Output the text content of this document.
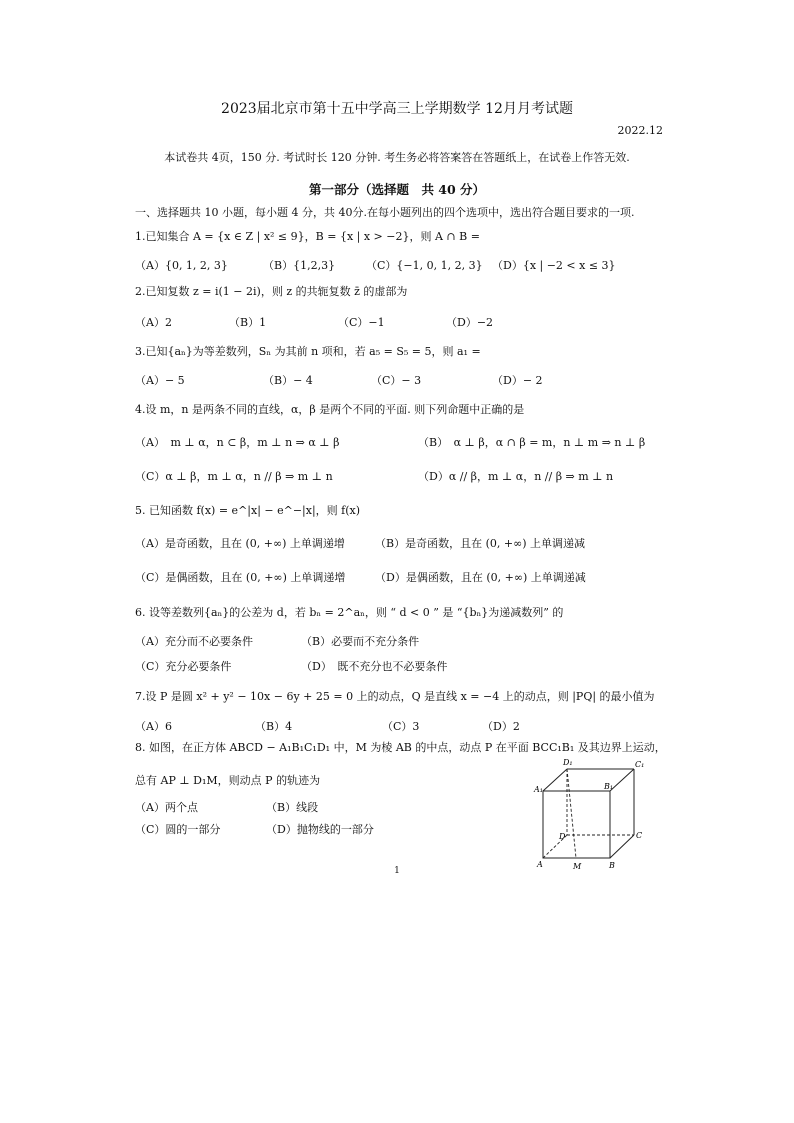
2023届北京市第十五中学高三上学期数学 12月月考试题
2022.12
本试卷共 4页，150 分. 考试时长 120 分钟. 考生务必将答案答在答题纸上，在试卷上作答无效.
第一部分（选择题　共 40 分）
一、选择题共 10 小题，每小题 4 分，共 40分.在每小题列出的四个选项中，选出符合题目要求的一项.
1.已知集合 A = {x ∈ Z | x² ≤ 9}，B = {x | x > −2}，则 A ∩ B =
（A）{0, 1, 2, 3}	（B）{1,2,3}	（C）{−1, 0, 1, 2, 3} （D）{x | −2 < x ≤ 3}
2.已知复数 z = i(1 − 2i)，则 z 的共轭复数 z̄ 的虚部为
（A）2	（B）1	（C）−1	（D）−2
3.已知{aₙ}为等差数列，Sₙ 为其前 n 项和，若 a₅ = S₅ = 5，则 a₁ =
（A）− 5	（B）− 4	（C）− 3	（D）− 2
4.设 m，n 是两条不同的直线，α，β 是两个不同的平面. 则下列命题中正确的是
（A）　m ⊥ α，n ⊂ β，m ⊥ n ⇒ α ⊥ β	（B）　α ⊥ β，α ∩ β = m，n ⊥ m ⇒ n ⊥ β
（C）α ⊥ β，m ⊥ α，n // β ⇒ m ⊥ n	（D）α // β，m ⊥ α，n // β ⇒ m ⊥ n
5. 已知函数 f(x) = e^|x| − e^−|x|，则 f(x)
（A）是奇函数，且在 (0, +∞) 上单调递增	（B）是奇函数，且在 (0, +∞) 上单调递减
（C）是偶函数，且在 (0, +∞) 上单调递增	（D）是偶函数，且在 (0, +∞) 上单调递减
6. 设等差数列{aₙ}的公差为 d，若 bₙ = 2^aₙ，则 “ d < 0 ” 是 “{bₙ}为递减数列” 的
（A）充分而不必要条件	（B）必要而不充分条件
（C）充分必要条件	（D）　既不充分也不必要条件
7.设 P 是圆 x² + y² − 10x − 6y + 25 = 0 上的动点，Q 是直线 x = −4 上的动点，则 |PQ| 的最小值为
（A）6	（B）4	（C）3	（D）2
8. 如图，在正方体 ABCD − A₁B₁C₁D₁ 中，M 为棱 AB 的中点，动点 P 在平面 BCC₁B₁ 及其边界上运动，
总有 AP ⊥ D₁M，则动点 P 的轨迹为
（A）两个点	（B）线段
（C）圆的一部分	（D）抛物线的一部分
D₁	C₁
A₁	B₁
D	C
A	M	B
1
